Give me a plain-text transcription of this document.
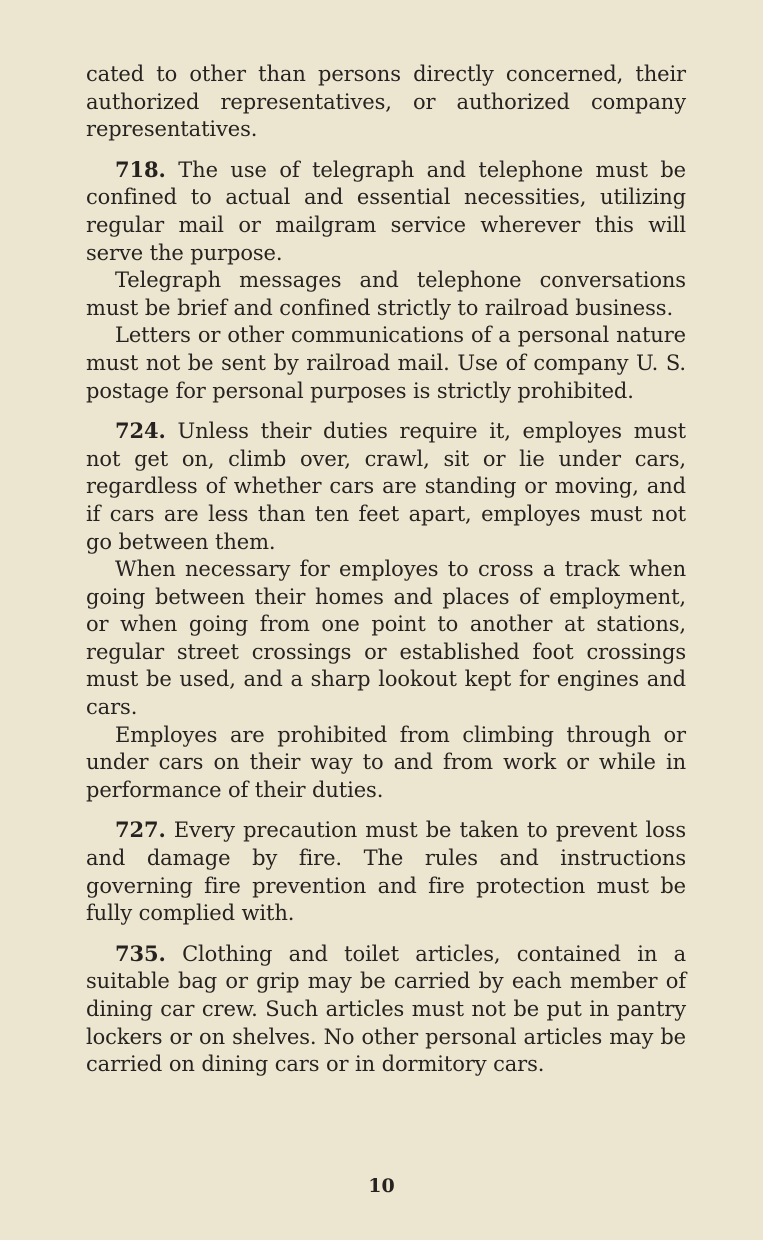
cated to other than persons directly concerned, their authorized representatives, or authorized company representatives.

718. The use of telegraph and telephone must be confined to actual and essential necessities, utilizing regular mail or mailgram service wherever this will serve the purpose.

Telegraph messages and telephone conversations must be brief and confined strictly to railroad business.

Letters or other communications of a personal nature must not be sent by railroad mail. Use of company U. S. postage for personal purposes is strictly prohibited.

724. Unless their duties require it, employes must not get on, climb over, crawl, sit or lie under cars, regardless of whether cars are standing or moving, and if cars are less than ten feet apart, employes must not go between them.

When necessary for employes to cross a track when going between their homes and places of employment, or when going from one point to another at stations, regular street crossings or established foot crossings must be used, and a sharp lookout kept for engines and cars.

Employes are prohibited from climbing through or under cars on their way to and from work or while in performance of their duties.

727. Every precaution must be taken to prevent loss and damage by fire. The rules and instructions governing fire prevention and fire protection must be fully complied with.

735. Clothing and toilet articles, contained in a suitable bag or grip may be carried by each member of dining car crew. Such articles must not be put in pantry lockers or on shelves. No other personal articles may be carried on dining cars or in dormitory cars.

10
